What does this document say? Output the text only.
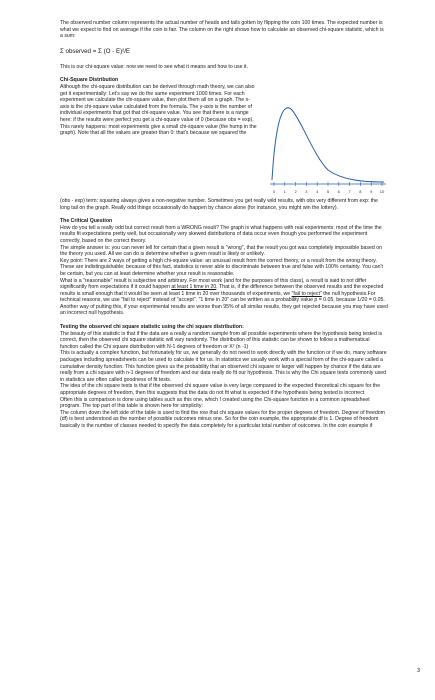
The observed number column represents the actual number of heads and tails gotten by flipping the coin 100 times. The expected number is what we expect to find on average if the coin is fair. The column on the right shows how to calculate an observed chi-square statistic, which is a sum:

Σ observed = Σ (O - E)²/E

This is our chi-square value: now we need to see what it means and how to use it.

Chi-Square Distribution

Although the chi-square distribution can be derived through math theory, we can also get it experimentally: Let's say we do the same experiment 1000 times. For each experiment we calculate the chi-square value, then plot them all on a graph. The x-axis is the chi-square value calculated from the formula. The y-axis is the number of individual experiments that got that chi-square value. You see that there is a range here: if the results were perfect you get a chi-square value of 0 (because obs = exp). This rarely happens: most experiments give a small chi-square value (the hump in the graph). Note that all the values are greater than 0: that's because we squared the

0 1 2 3 4 5 6 7 8 9 10

(obs - exp) term: squaring always gives a non-negative number. Sometimes you get really wild results, with obs very different from exp: the long tail on the graph. Really odd things occasionally do happen by chance alone (for instance, you might win the lottery).

The Critical Question

How do you tell a really odd but correct result from a WRONG result? The graph is what happens with real experiments: most of the time the results fit expectations pretty well, but occasionally very skewed distributions of data occur even though you performed the experiment correctly, based on the correct theory.

The simple answer is: you can never tell for certain that a given result is "wrong", that the result you got was completely impossible based on the theory you used. All we can do is determine whether a given result is likely or unlikely.

Key point: There are 2 ways of getting a high chi-square value: an unusual result from the correct theory, or a result from the wrong theory. These are indistinguishable; because of this fact, statistics is never able to discriminate between true and false with 100% certainty. You can't be certain, but you can at least determine whether your result is reasonable.

What is a "reasonable" result is subjective and arbitrary. For most work (and for the purposes of this class), a result is said to not differ significantly from expectations if it could happen at least 1 time in 20. That is, if the difference between the observed results and the expected results is small enough that it would be seen at least 1 time in 20 over thousands of experiments, we "fail to reject" the null hypothesis.For technical reasons, we use "fail to reject" instead of "accept". "1 time in 20" can be written as a probability value p = 0.05, because 1/20 = 0.05. Another way of putting this, if your experimental results are worse than 95% of all similar results, they get rejected because you may have used an incorrect null hypothesis.

Testing the observed chi square statistic using the chi square distribution:

The beauty of this statistic is that if the data are a really a random sample from all possible experiments where the hypothesis being tested is correct, then the observed chi square statistic will vary randomly. The distribution of this statistic can be shown to follow a mathematical function called the Chi square distribution with N-1 degrees of freedom or X² (n -1)

This is actually a complex function, but fortunately for us, we generally do not need to work directly with the function or if we do, many software packages including spreadsheets can be used to calculate it for us. In statistics we usually work with a special form of the chi-square called a cumulative density function. This function gives us the probability that an observed chi square or larger will happen by chance if the data are really from a chi square with n-1 degrees of freedom and our data really do fit our hypothesis. This is why the Chi square tests commonly used in statistics are often called goodness of fit tests.

The idea of the chi square tests is that if the observed chi square value is very large compared to the expected theoretical chi square for the appropriate degrees of freedom, then this suggests that the data do not fit what is expected if the hypothesis being tested is incorrect.

Often this is comparison is done using tables such as this one, which I created using the Chi-square function in a common spreadsheet program. The top part of this table is shown here for simplicity:

The column down the left side of the table is used to find the row that chi square values for the proper degrees of freedom. Degree of freedom (df) is best understood as the number of possible outcomes minus one. So for the coin example, the appropriate df is 1. Degree of freedom basically is the number of classes needed to specify the data completely for a particular total number of outcomes. In the coin example if

3
